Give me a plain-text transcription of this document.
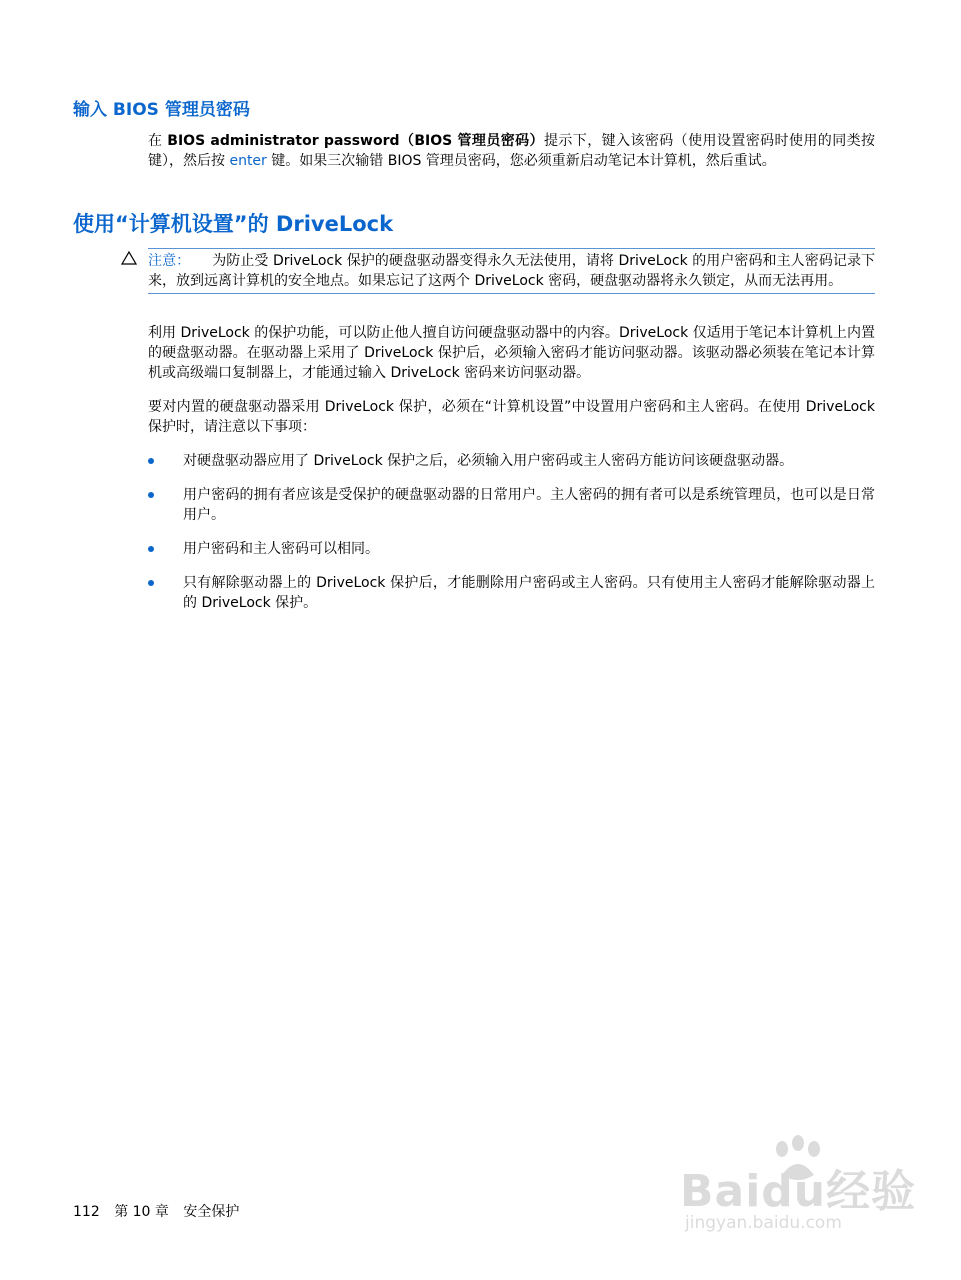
输入 BIOS 管理员密码

在 BIOS administrator password（BIOS 管理员密码）提示下，键入该密码（使用设置密码时使用的同类按键），然后按 enter 键。如果三次输错 BIOS 管理员密码，您必须重新启动笔记本计算机，然后重试。

使用“计算机设置”的 DriveLock
注意： 为防止受 DriveLock 保护的硬盘驱动器变得永久无法使用，请将 DriveLock 的用户密码和主人密码记录下来，放到远离计算机的安全地点。如果忘记了这两个 DriveLock 密码，硬盘驱动器将永久锁定，从而无法再用。

利用 DriveLock 的保护功能，可以防止他人擅自访问硬盘驱动器中的内容。DriveLock 仅适用于笔记本计算机上内置的硬盘驱动器。在驱动器上采用了 DriveLock 保护后，必须输入密码才能访问驱动器。该驱动器必须装在笔记本计算机或高级端口复制器上，才能通过输入 DriveLock 密码来访问驱动器。

要对内置的硬盘驱动器采用 DriveLock 保护，必须在“计算机设置”中设置用户密码和主人密码。在使用 DriveLock 保护时，请注意以下事项：

对硬盘驱动器应用了 DriveLock 保护之后，必须输入用户密码或主人密码方能访问该硬盘驱动器。
用户密码的拥有者应该是受保护的硬盘驱动器的日常用户。主人密码的拥有者可以是系统管理员，也可以是日常用户。
用户密码和主人密码可以相同。
只有解除驱动器上的 DriveLock 保护后，才能删除用户密码或主人密码。只有使用主人密码才能解除驱动器上的 DriveLock 保护。
112 第 10 章 安全保护	Baidu经验
jingyan.baidu.com
